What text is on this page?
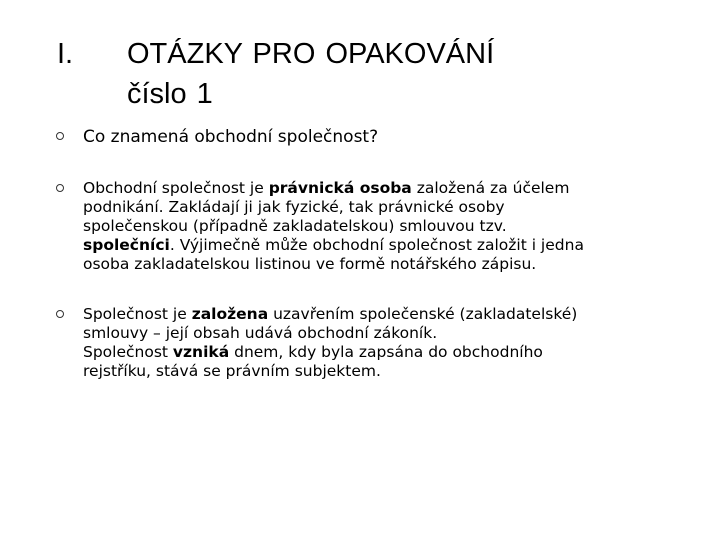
I. OTÁZKY PRO OPAKOVÁNÍ
číslo 1
Co znamená obchodní společnost?
Obchodní společnost je právnická osoba založená za účelem
podnikání. Zakládají ji jak fyzické, tak právnické osoby
společenskou (případně zakladatelskou) smlouvou tzv.
společníci. Výjimečně může obchodní společnost založit i jedna
osoba zakladatelskou listinou ve formě notářského zápisu.
Společnost je založena uzavřením společenské (zakladatelské)
smlouvy – její obsah udává obchodní zákoník.
Společnost vzniká dnem, kdy byla zapsána do obchodního
rejstříku, stává se právním subjektem.
